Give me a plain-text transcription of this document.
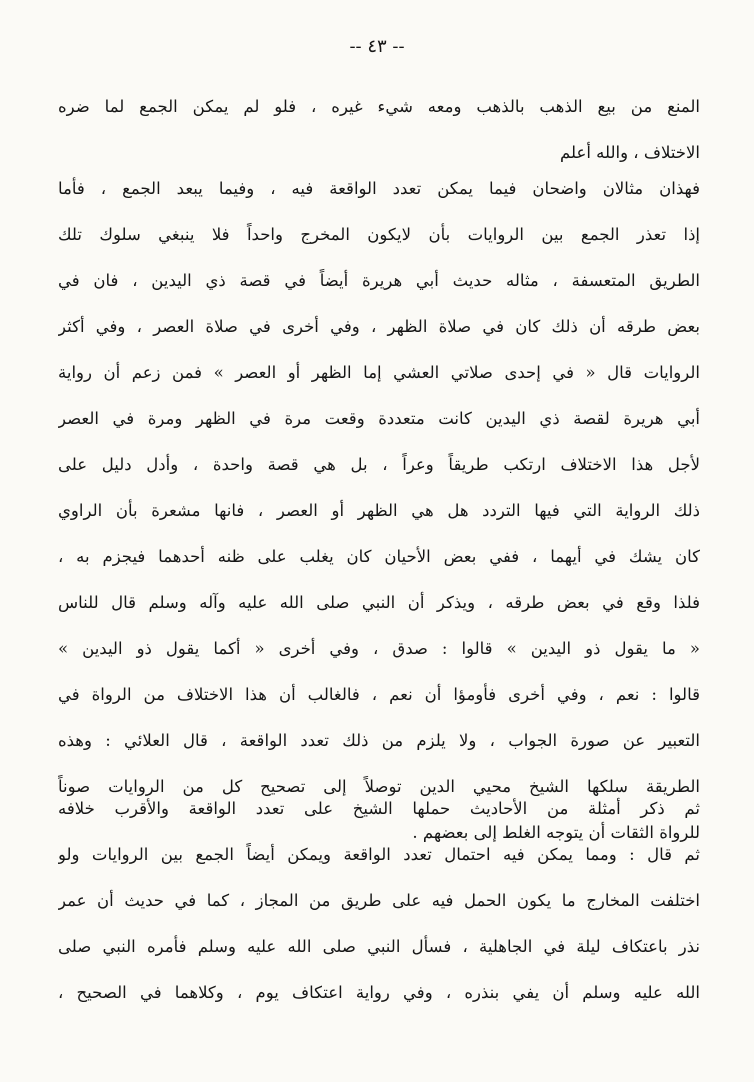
-- ٤٣ --
المنع من بيع الذهب بالذهب ومعه شيء غيره ، فلو لم يمكن الجمع لما ضره
الاختلاف ، والله أعلم
فهذان مثالان واضحان فيما يمكن تعدد الواقعة فيه ، وفيما يبعد الجمع ، فأما
إذا تعذر الجمع بين الروايات بأن لايكون المخرج واحداً فلا ينبغي سلوك تلك
الطريق المتعسفة ، مثاله حديث أبي هريرة أيضاً في قصة ذي اليدين ، فان في
بعض طرقه أن ذلك كان في صلاة الظهر ، وفي أخرى في صلاة العصر ، وفي أكثر
الروايات قال « في إحدى صلاتي العشي إما الظهر أو العصر » فمن زعم أن رواية
أبي هريرة لقصة ذي اليدين كانت متعددة وقعت مرة في الظهر ومرة في العصر
لأجل هذا الاختلاف ارتكب طريقاً وعراً ، بل هي قصة واحدة ، وأدل دليل على
ذلك الرواية التي فيها التردد هل هي الظهر أو العصر ، فانها مشعرة بأن الراوي
كان يشك في أيهما ، ففي بعض الأحيان كان يغلب على ظنه أحدهما فيجزم به ،
فلذا وقع في بعض طرقه ، ويذكر أن النبي صلى الله عليه وآله وسلم قال للناس
« ما يقول ذو اليدين » قالوا : صدق ، وفي أخرى « أكما يقول ذو اليدين »
قالوا : نعم ، وفي أخرى فأومؤا أن نعم ، فالغالب أن هذا الاختلاف من الرواة في
التعبير عن صورة الجواب ، ولا يلزم من ذلك تعدد الواقعة ، قال العلائي : وهذه
الطريقة سلكها الشيخ محيي الدين توصلاً إلى تصحيح كل من الروايات صوناً
للرواة الثقات أن يتوجه الغلط إلى بعضهم .
ثم ذكر أمثلة من الأحاديث حملها الشيخ على تعدد الواقعة والأقرب خلافه
ثم قال : ومما يمكن فيه احتمال تعدد الواقعة ويمكن أيضاً الجمع بين الروايات ولو
اختلفت المخارج ما يكون الحمل فيه على طريق من المجاز ، كما في حديث أن عمر
نذر باعتكاف ليلة في الجاهلية ، فسأل النبي صلى الله عليه وسلم فأمره النبي صلى
الله عليه وسلم أن يفي بنذره ، وفي رواية اعتكاف يوم ، وكلاهما في الصحيح ،
